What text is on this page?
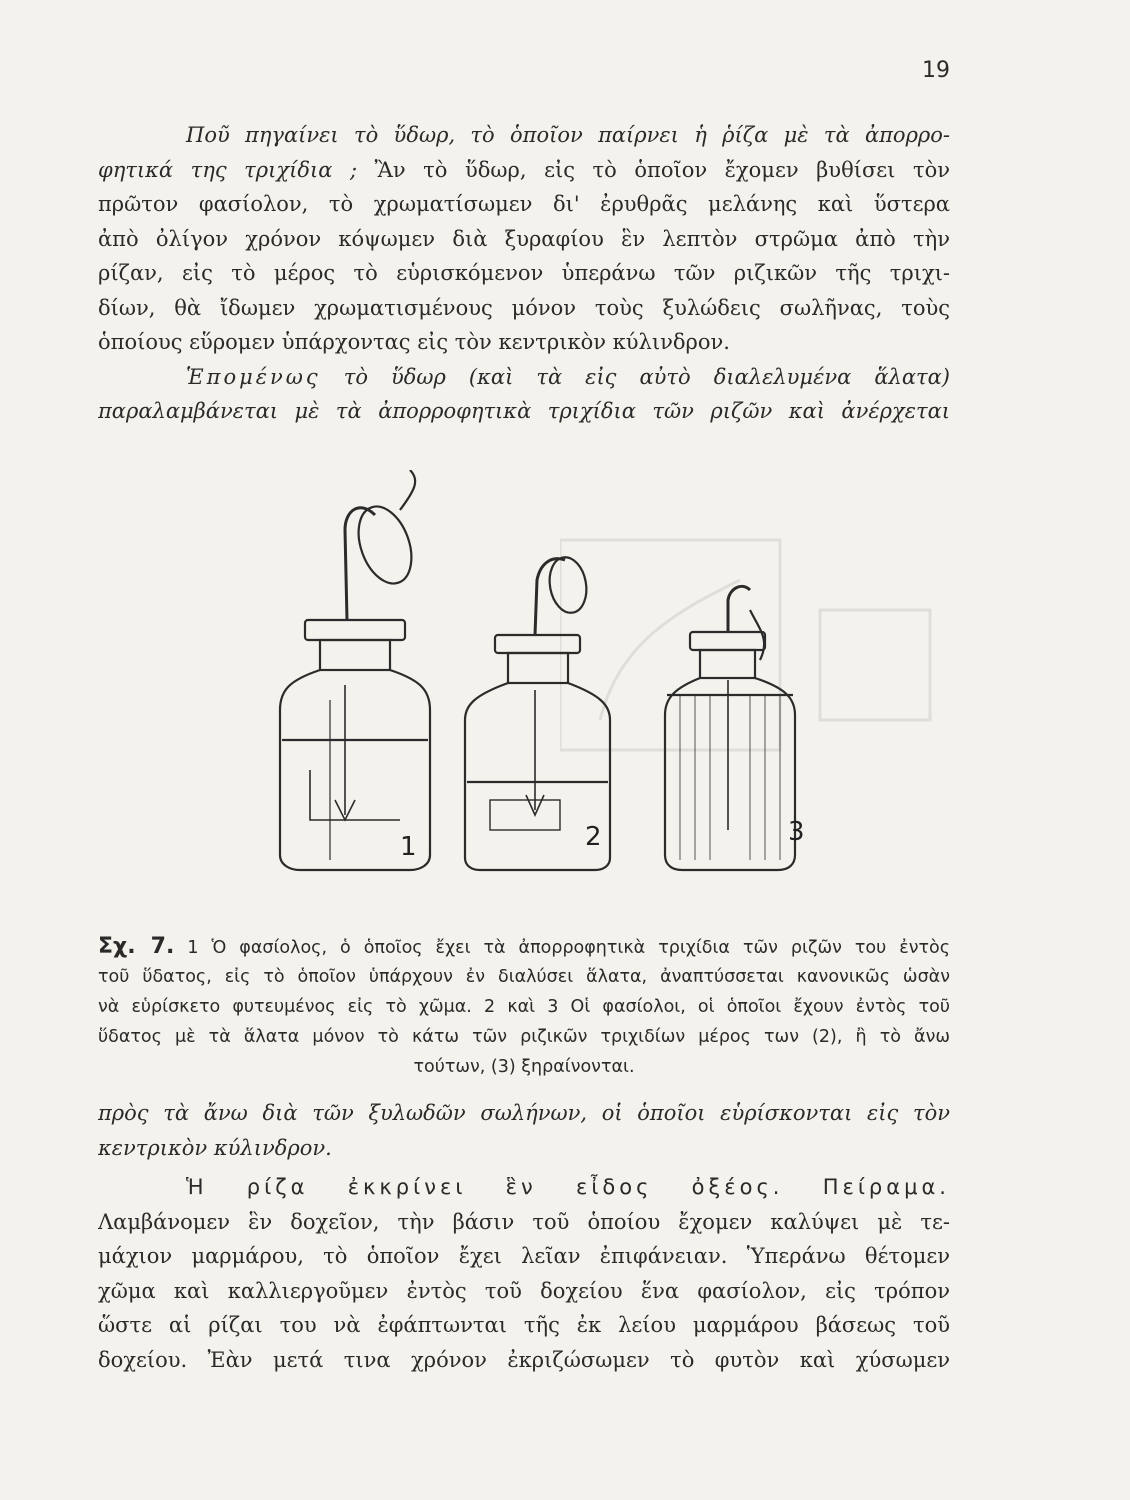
19
Ποῦ πηγαίνει τὸ ὕδωρ, τὸ ὁποῖον παίρνει ἡ ῥίζα μὲ τὰ ἀπορρο-
φητικά της τριχίδια ; Ἂν τὸ ὕδωρ, εἰς τὸ ὁποῖον ἔχομεν βυθίσει τὸν
πρῶτον φασίολον, τὸ χρωματίσωμεν δι' ἐρυθρᾶς μελάνης καὶ ὕστερα
ἀπὸ ὀλίγον χρόνον κόψωμεν διὰ ξυραφίου ἓν λεπτὸν στρῶμα ἀπὸ τὴν
ρίζαν, εἰς τὸ μέρος τὸ εὑρισκόμενον ὑπεράνω τῶν ριζικῶν τῆς τριχι-
δίων, θὰ ἴδωμεν χρωματισμένους μόνον τοὺς ξυλώδεις σωλῆνας, τοὺς
ὁποίους εὕρομεν ὑπάρχοντας εἰς τὸν κεντρικὸν κύλινδρον.
Ἑπομένως τὸ ὕδωρ (καὶ τὰ εἰς αὐτὸ διαλελυμένα ἅλατα)
παραλαμβάνεται μὲ τὰ ἀπορροφητικὰ τριχίδια τῶν ριζῶν καὶ ἀνέρχεται
1	2	3
Σχ. 7. 1 Ὁ φασίολος, ὁ ὁποῖος ἔχει τὰ ἀπορροφητικὰ τριχίδια τῶν ριζῶν του ἐντὸς
τοῦ ὕδατος, εἰς τὸ ὁποῖον ὑπάρχουν ἐν διαλύσει ἅλατα, ἀναπτύσσεται κανονικῶς ὡσὰν
νὰ εὑρίσκετο φυτευμένος εἰς τὸ χῶμα. 2 καὶ 3 Οἱ φασίολοι, οἱ ὁποῖοι ἔχουν ἐντὸς τοῦ
ὕδατος μὲ τὰ ἅλατα μόνον τὸ κάτω τῶν ριζικῶν τριχιδίων μέρος των (2), ἢ τὸ ἄνω
τούτων, (3) ξηραίνονται.
πρὸς τὰ ἄνω διὰ τῶν ξυλωδῶν σωλήνων, οἱ ὁποῖοι εὑρίσκονται εἰς τὸν
κεντρικὸν κύλινδρον.
Ἡ ρίζα ἐκκρίνει ἓν εἶδος ὀξέος. Πείραμα.
Λαμβάνομεν ἓν δοχεῖον, τὴν βάσιν τοῦ ὁποίου ἔχομεν καλύψει μὲ τε-
μάχιον μαρμάρου, τὸ ὁποῖον ἔχει λεῖαν ἐπιφάνειαν. Ὑπεράνω θέτομεν
χῶμα καὶ καλλιεργοῦμεν ἐντὸς τοῦ δοχείου ἕνα φασίολον, εἰς τρόπον
ὥστε αἱ ρίζαι του νὰ ἐφάπτωνται τῆς ἐκ λείου μαρμάρου βάσεως τοῦ
δοχείου. Ἐὰν μετά τινα χρόνον ἐκριζώσωμεν τὸ φυτὸν καὶ χύσωμεν
